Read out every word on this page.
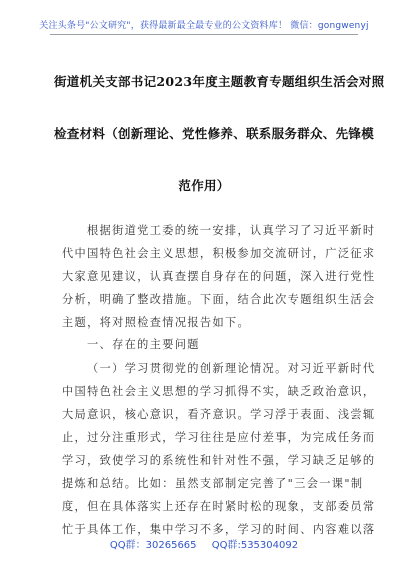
关注头条号"公文研究"，获得最新最全最专业的公文资料库！ 微信：gongwenyj
街道机关支部书记2023年度主题教育专题组织生活会对照
检查材料（创新理论、党性修养、联系服务群众、先锋模
范作用）
根据街道党工委的统一安排，认真学习了习近平新时
代中国特色社会主义思想，积极参加交流研讨，广泛征求
大家意见建议，认真查摆自身存在的问题，深入进行党性
分析，明确了整改措施。下面，结合此次专题组织生活会
主题，将对照检查情况报告如下。
一、存在的主要问题
（一）学习贯彻党的创新理论情况。对习近平新时代
中国特色社会主义思想的学习抓得不实，缺乏政治意识，
大局意识，核心意识，看齐意识。学习浮于表面、浅尝辄
止，过分注重形式，学习往往是应付差事，为完成任务而
学习，致使学习的系统性和针对性不强，学习缺乏足够的
提炼和总结。比如：虽然支部制定完善了"三会一课"制
度，但在具体落实上还存在时紧时松的现象，支部委员常
忙于具体工作，集中学习不多，学习的时间、内容难以落
QQ群：30265665 QQ群:535304092
